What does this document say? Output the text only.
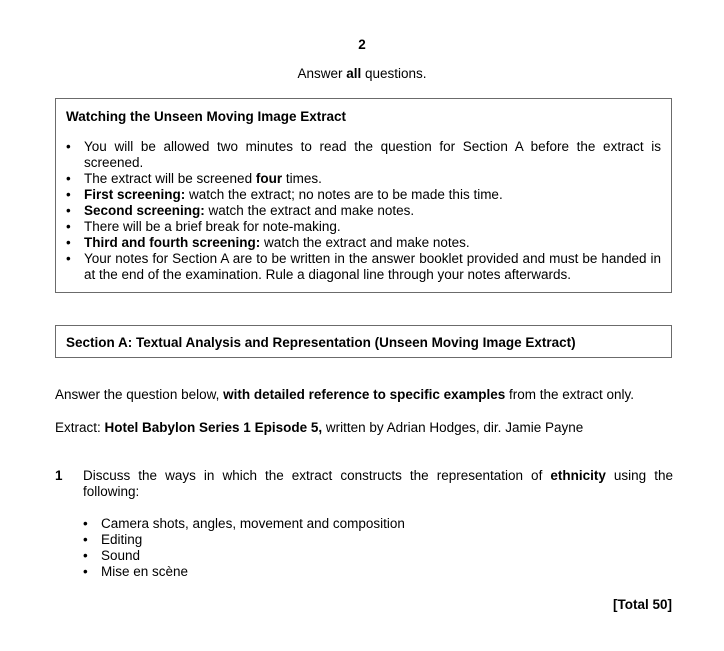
2
Answer all questions.

Watching the Unseen Moving Image Extract

• You will be allowed two minutes to read the question for Section A before the extract is screened.
• The extract will be screened four times.
• First screening: watch the extract; no notes are to be made this time.
• Second screening: watch the extract and make notes.
• There will be a brief break for note-making.
• Third and fourth screening: watch the extract and make notes.
• Your notes for Section A are to be written in the answer booklet provided and must be handed in at the end of the examination. Rule a diagonal line through your notes afterwards.

Section A: Textual Analysis and Representation (Unseen Moving Image Extract)

Answer the question below, with detailed reference to specific examples from the extract only.
Extract: Hotel Babylon Series 1 Episode 5, written by Adrian Hodges, dir. Jamie Payne
1 Discuss the ways in which the extract constructs the representation of ethnicity using the following:
• Camera shots, angles, movement and composition
• Editing
• Sound
• Mise en scène
[Total 50]
